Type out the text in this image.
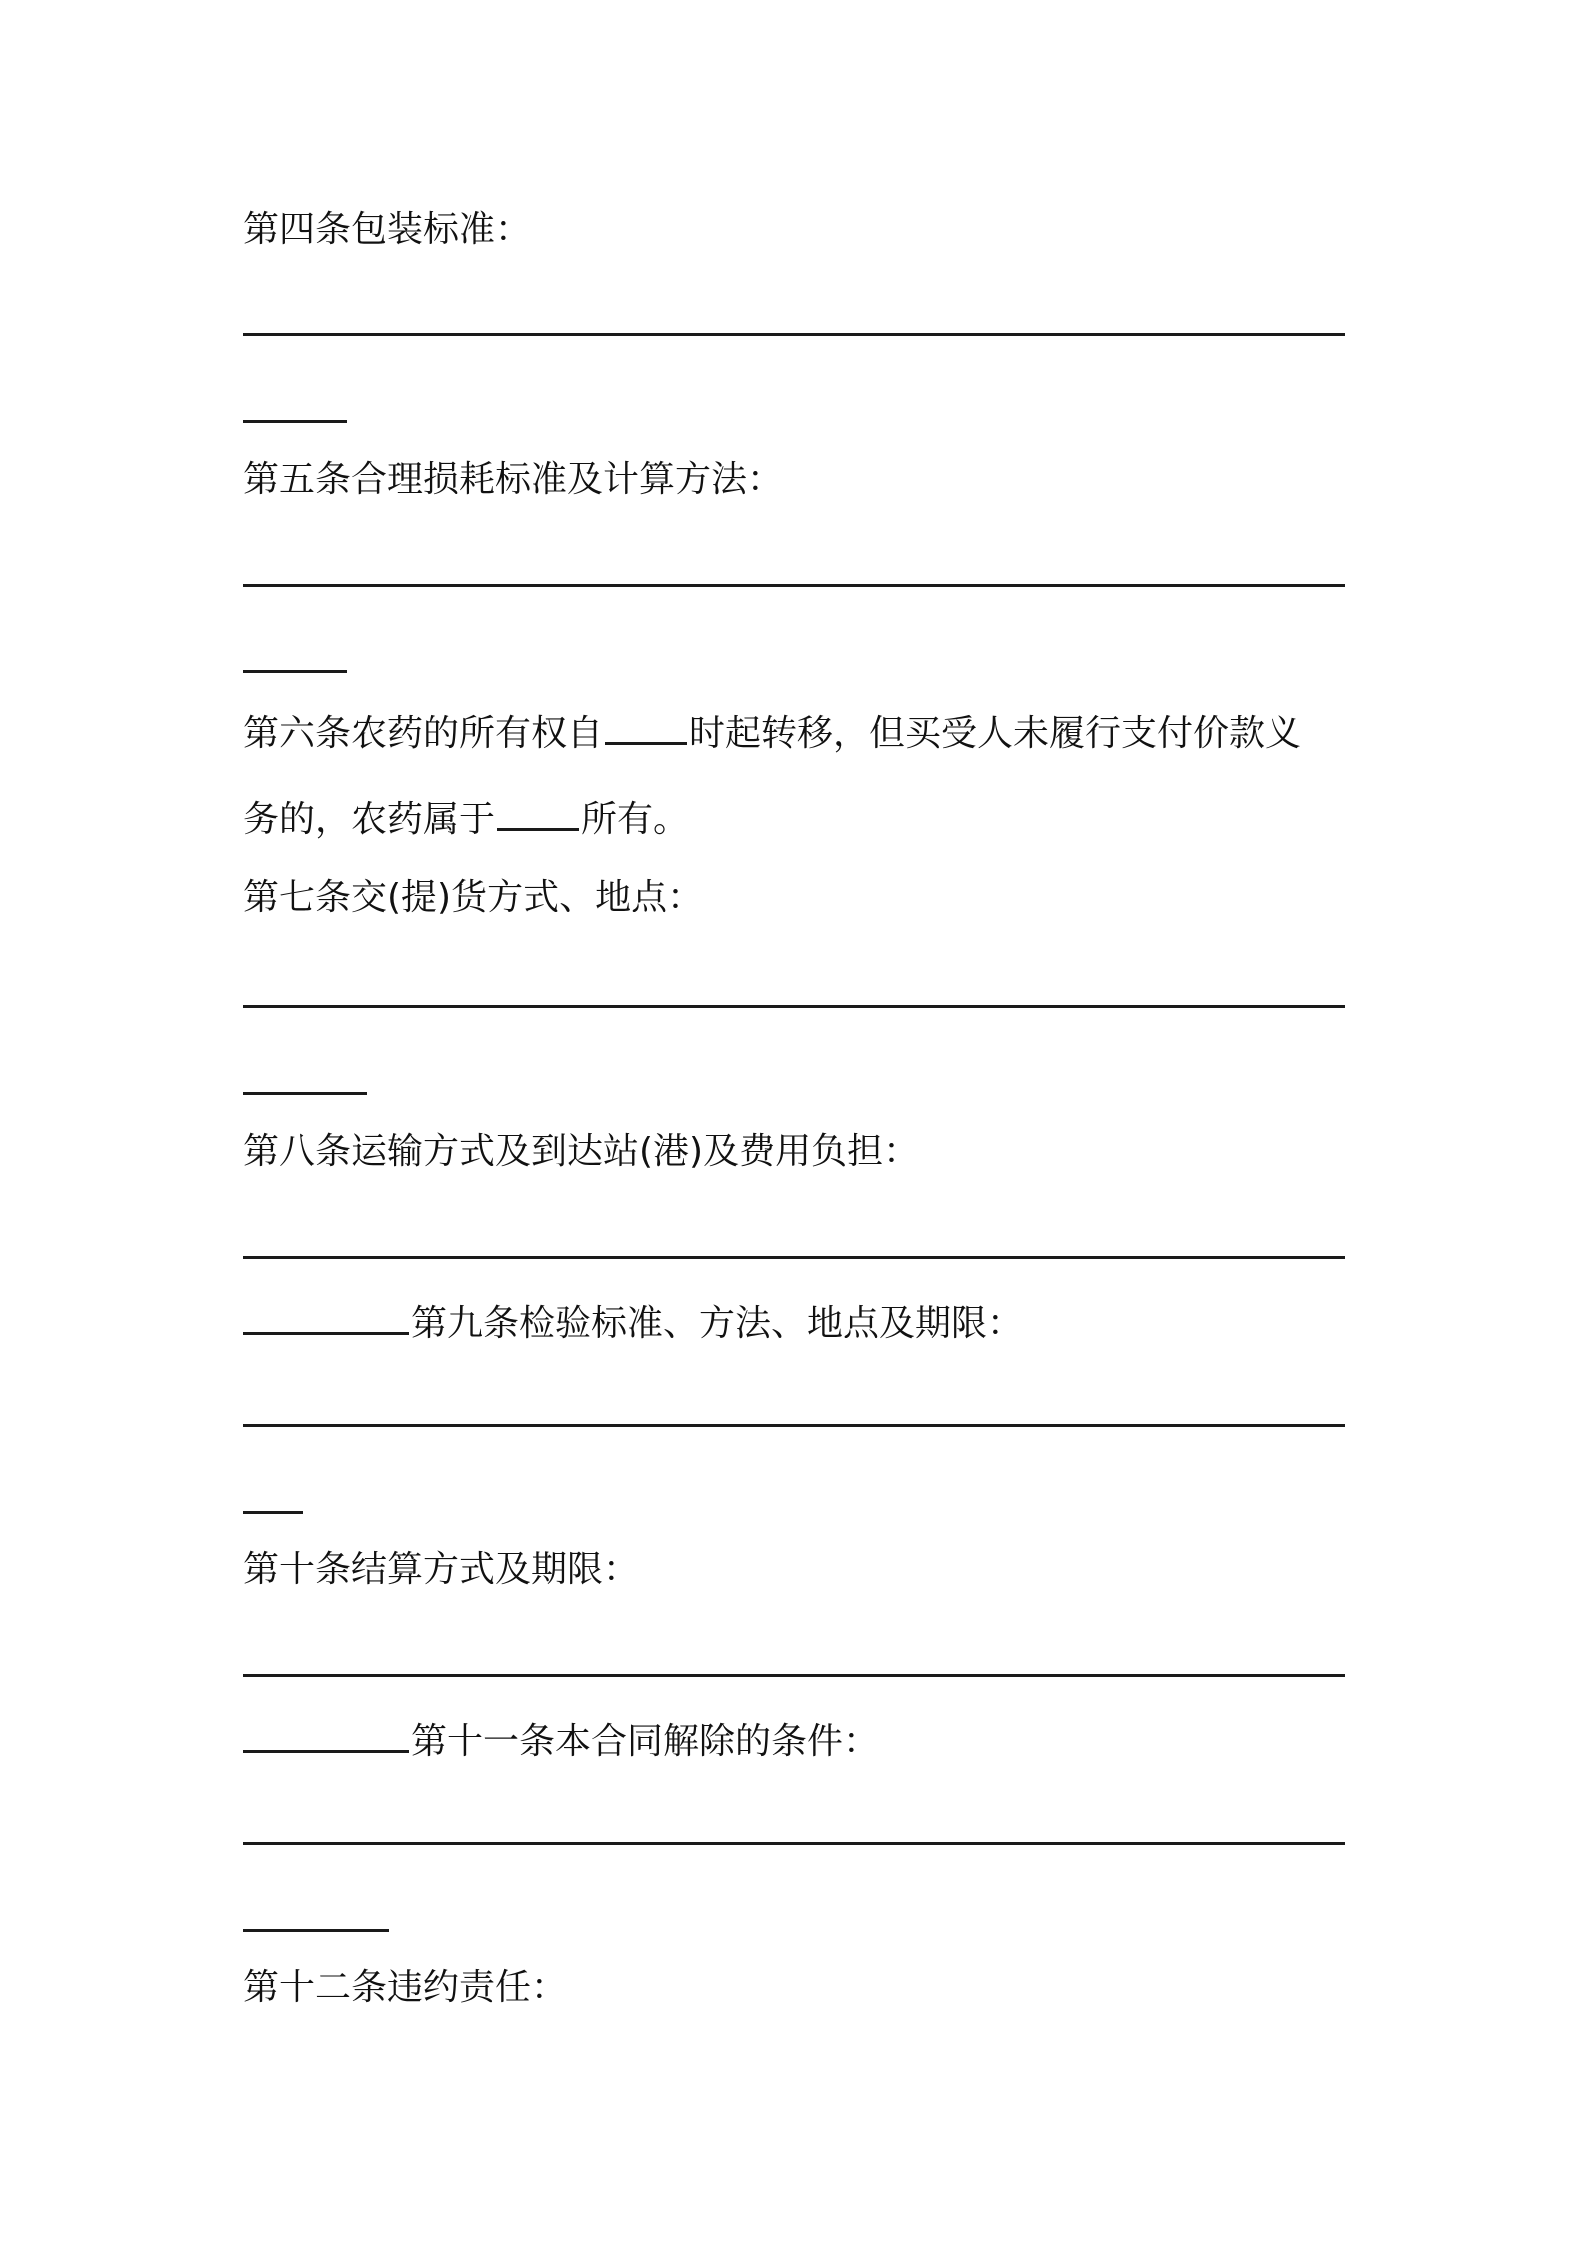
第四条包装标准：
第五条合理损耗标准及计算方法：
第六条农药的所有权自 时起转移，但买受人未履行支付价款义
务的，农药属于 所有。
第七条交(提)货方式、地点：
第八条运输方式及到达站(港)及费用负担：
第九条检验标准、方法、地点及期限：
第十条结算方式及期限：
第十一条本合同解除的条件：
第十二条违约责任：
